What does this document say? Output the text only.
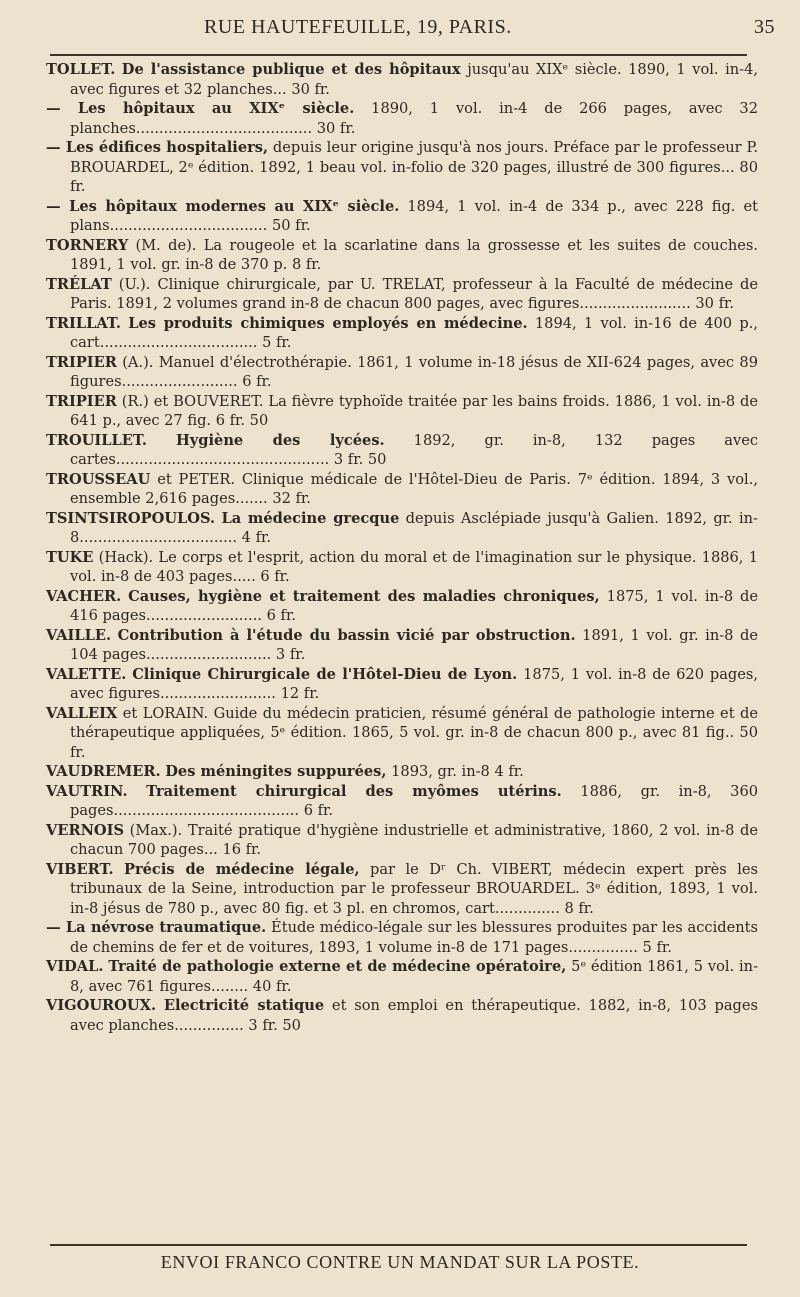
RUE HAUTEFEUILLE, 19, PARIS.	35

TOLLET. De l'assistance publique et des hôpitaux jusqu'au XIXᵉ siècle. 1890, 1 vol. in-4, avec figures et 32 planches... 30 fr.

— Les hôpitaux au XIXᵉ siècle. 1890, 1 vol. in-4 de 266 pages, avec 32 planches...................................... 30 fr.

— Les édifices hospitaliers, depuis leur origine jusqu'à nos jours. Préface par le professeur P. BROUARDEL, 2ᵉ édition. 1892, 1 beau vol. in-folio de 320 pages, illustré de 300 figures... 80 fr.

— Les hôpitaux modernes au XIXᵉ siècle. 1894, 1 vol. in-4 de 334 p., avec 228 fig. et plans.................................. 50 fr.

TORNERY (M. de). La rougeole et la scarlatine dans la grossesse et les suites de couches. 1891, 1 vol. gr. in-8 de 370 p. 8 fr.

TRÉLAT (U.). Clinique chirurgicale, par U. TRELAT, professeur à la Faculté de médecine de Paris. 1891, 2 volumes grand in-8 de chacun 800 pages, avec figures........................ 30 fr.

TRILLAT. Les produits chimiques employés en médecine. 1894, 1 vol. in-16 de 400 p., cart.................................. 5 fr.

TRIPIER (A.). Manuel d'électrothérapie. 1861, 1 volume in-18 jésus de XII-624 pages, avec 89 figures......................... 6 fr.

TRIPIER (R.) et BOUVERET. La fièvre typhoïde traitée par les bains froids. 1886, 1 vol. in-8 de 641 p., avec 27 fig. 6 fr. 50

TROUILLET. Hygiène des lycées. 1892, gr. in-8, 132 pages avec cartes.............................................. 3 fr. 50

TROUSSEAU et PETER. Clinique médicale de l'Hôtel-Dieu de Paris. 7ᵉ édition. 1894, 3 vol., ensemble 2,616 pages....... 32 fr.

TSINTSIROPOULOS. La médecine grecque depuis Asclépiade jusqu'à Galien. 1892, gr. in-8.................................. 4 fr.

TUKE (Hack). Le corps et l'esprit, action du moral et de l'imagination sur le physique. 1886, 1 vol. in-8 de 403 pages..... 6 fr.

VACHER. Causes, hygiène et traitement des maladies chroniques, 1875, 1 vol. in-8 de 416 pages......................... 6 fr.

VAILLE. Contribution à l'étude du bassin vicié par obstruction. 1891, 1 vol. gr. in-8 de 104 pages........................... 3 fr.

VALETTE. Clinique Chirurgicale de l'Hôtel-Dieu de Lyon. 1875, 1 vol. in-8 de 620 pages, avec figures......................... 12 fr.

VALLEIX et LORAIN. Guide du médecin praticien, résumé général de pathologie interne et de thérapeutique appliquées, 5ᵉ édition. 1865, 5 vol. gr. in-8 de chacun 800 p., avec 81 fig.. 50 fr.

VAUDREMER. Des méningites suppurées, 1893, gr. in-8 4 fr.

VAUTRIN. Traitement chirurgical des myômes utérins. 1886, gr. in-8, 360 pages........................................ 6 fr.

VERNOIS (Max.). Traité pratique d'hygiène industrielle et administrative, 1860, 2 vol. in-8 de chacun 700 pages... 16 fr.

VIBERT. Précis de médecine légale, par le Dʳ Ch. VIBERT, médecin expert près les tribunaux de la Seine, introduction par le professeur BROUARDEL. 3ᵉ édition, 1893, 1 vol. in-8 jésus de 780 p., avec 80 fig. et 3 pl. en chromos, cart.............. 8 fr.

— La névrose traumatique. Étude médico-légale sur les blessures produites par les accidents de chemins de fer et de voitures, 1893, 1 volume in-8 de 171 pages............... 5 fr.

VIDAL. Traité de pathologie externe et de médecine opératoire, 5ᵉ édition 1861, 5 vol. in-8, avec 761 figures........ 40 fr.

VIGOUROUX. Electricité statique et son emploi en thérapeutique. 1882, in-8, 103 pages avec planches............... 3 fr. 50

ENVOI FRANCO CONTRE UN MANDAT SUR LA POSTE.
